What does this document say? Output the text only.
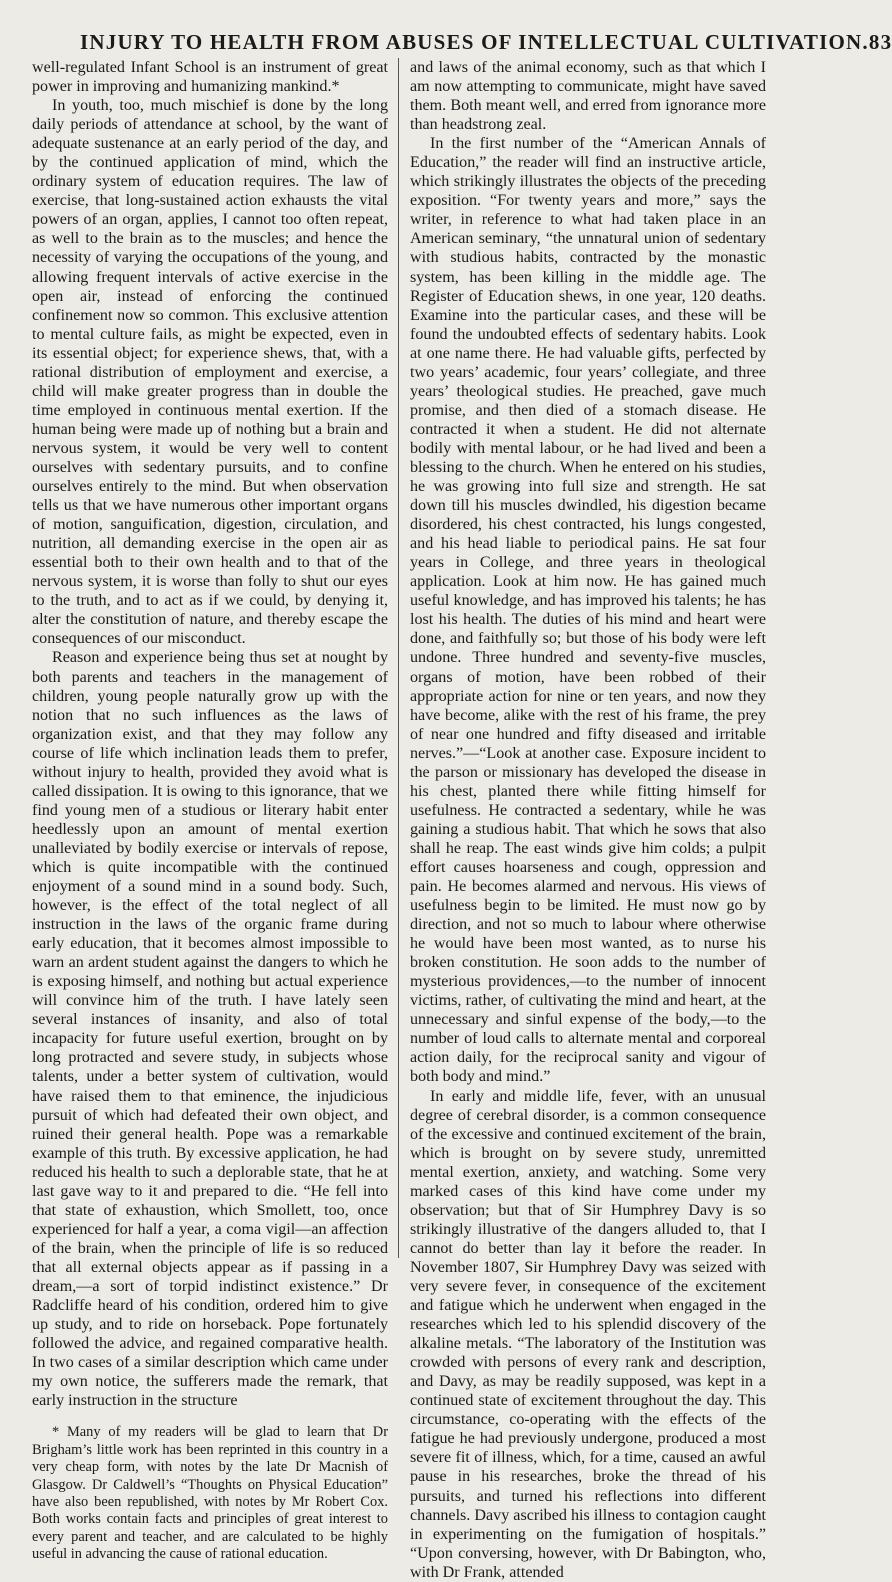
INJURY TO HEALTH FROM ABUSES OF INTELLECTUAL CULTIVATION. 83

well-regulated Infant School is an instrument of great power in improving and humanizing mankind.*

In youth, too, much mischief is done by the long daily periods of attendance at school, by the want of adequate sustenance at an early period of the day, and by the continued application of mind, which the ordinary system of education requires. The law of exercise, that long-sustained action exhausts the vital powers of an organ, applies, I cannot too often repeat, as well to the brain as to the muscles; and hence the necessity of varying the occupations of the young, and allowing frequent intervals of active exercise in the open air, instead of enforcing the continued confinement now so common. This exclusive attention to mental culture fails, as might be expected, even in its essential object; for experience shews, that, with a rational distribution of employment and exercise, a child will make greater progress than in double the time employed in continuous mental exertion. If the human being were made up of nothing but a brain and nervous system, it would be very well to content ourselves with sedentary pursuits, and to confine ourselves entirely to the mind. But when observation tells us that we have numerous other important organs of motion, sanguification, digestion, circulation, and nutrition, all demanding exercise in the open air as essential both to their own health and to that of the nervous system, it is worse than folly to shut our eyes to the truth, and to act as if we could, by denying it, alter the constitution of nature, and thereby escape the consequences of our misconduct.

Reason and experience being thus set at nought by both parents and teachers in the management of children, young people naturally grow up with the notion that no such influences as the laws of organization exist, and that they may follow any course of life which inclination leads them to prefer, without injury to health, provided they avoid what is called dissipation. It is owing to this ignorance, that we find young men of a studious or literary habit enter heedlessly upon an amount of mental exertion unalleviated by bodily exercise or intervals of repose, which is quite incompatible with the continued enjoyment of a sound mind in a sound body. Such, however, is the effect of the total neglect of all instruction in the laws of the organic frame during early education, that it becomes almost impossible to warn an ardent student against the dangers to which he is exposing himself, and nothing but actual experience will convince him of the truth. I have lately seen several instances of insanity, and also of total incapacity for future useful exertion, brought on by long protracted and severe study, in subjects whose talents, under a better system of cultivation, would have raised them to that eminence, the injudicious pursuit of which had defeated their own object, and ruined their general health. Pope was a remarkable example of this truth. By excessive application, he had reduced his health to such a deplorable state, that he at last gave way to it and prepared to die. “He fell into that state of exhaustion, which Smollett, too, once experienced for half a year, a coma vigil—an affection of the brain, when the principle of life is so reduced that all external objects appear as if passing in a dream,—a sort of torpid indistinct existence.” Dr Radcliffe heard of his condition, ordered him to give up study, and to ride on horseback. Pope fortunately followed the advice, and regained comparative health. In two cases of a similar description which came under my own notice, the sufferers made the remark, that early instruction in the structure

* Many of my readers will be glad to learn that Dr Brigham’s little work has been reprinted in this country in a very cheap form, with notes by the late Dr Macnish of Glasgow. Dr Caldwell’s “Thoughts on Physical Education” have also been republished, with notes by Mr Robert Cox. Both works contain facts and principles of great interest to every parent and teacher, and are calculated to be highly useful in advancing the cause of rational education.

and laws of the animal economy, such as that which I am now attempting to communicate, might have saved them. Both meant well, and erred from ignorance more than headstrong zeal.

In the first number of the “American Annals of Education,” the reader will find an instructive article, which strikingly illustrates the objects of the preceding exposition. “For twenty years and more,” says the writer, in reference to what had taken place in an American seminary, “the unnatural union of sedentary with studious habits, contracted by the monastic system, has been killing in the middle age. The Register of Education shews, in one year, 120 deaths. Examine into the particular cases, and these will be found the undoubted effects of sedentary habits. Look at one name there. He had valuable gifts, perfected by two years’ academic, four years’ collegiate, and three years’ theological studies. He preached, gave much promise, and then died of a stomach disease. He contracted it when a student. He did not alternate bodily with mental labour, or he had lived and been a blessing to the church. When he entered on his studies, he was growing into full size and strength. He sat down till his muscles dwindled, his digestion became disordered, his chest contracted, his lungs congested, and his head liable to periodical pains. He sat four years in College, and three years in theological application. Look at him now. He has gained much useful knowledge, and has improved his talents; he has lost his health. The duties of his mind and heart were done, and faithfully so; but those of his body were left undone. Three hundred and seventy-five muscles, organs of motion, have been robbed of their appropriate action for nine or ten years, and now they have become, alike with the rest of his frame, the prey of near one hundred and fifty diseased and irritable nerves.”—“Look at another case. Exposure incident to the parson or missionary has developed the disease in his chest, planted there while fitting himself for usefulness. He contracted a sedentary, while he was gaining a studious habit. That which he sows that also shall he reap. The east winds give him colds; a pulpit effort causes hoarseness and cough, oppression and pain. He becomes alarmed and nervous. His views of usefulness begin to be limited. He must now go by direction, and not so much to labour where otherwise he would have been most wanted, as to nurse his broken constitution. He soon adds to the number of mysterious providences,—to the number of innocent victims, rather, of cultivating the mind and heart, at the unnecessary and sinful expense of the body,—to the number of loud calls to alternate mental and corporeal action daily, for the reciprocal sanity and vigour of both body and mind.”

In early and middle life, fever, with an unusual degree of cerebral disorder, is a common consequence of the excessive and continued excitement of the brain, which is brought on by severe study, unremitted mental exertion, anxiety, and watching. Some very marked cases of this kind have come under my observation; but that of Sir Humphrey Davy is so strikingly illustrative of the dangers alluded to, that I cannot do better than lay it before the reader. In November 1807, Sir Humphrey Davy was seized with very severe fever, in consequence of the excitement and fatigue which he underwent when engaged in the researches which led to his splendid discovery of the alkaline metals. “The laboratory of the Institution was crowded with persons of every rank and description, and Davy, as may be readily supposed, was kept in a continued state of excitement throughout the day. This circumstance, co-operating with the effects of the fatigue he had previously undergone, produced a most severe fit of illness, which, for a time, caused an awful pause in his researches, broke the thread of his pursuits, and turned his reflections into different channels. Davy ascribed his illness to contagion caught in experimenting on the fumigation of hospitals.” “Upon conversing, however, with Dr Babington, who, with Dr Frank, attended
